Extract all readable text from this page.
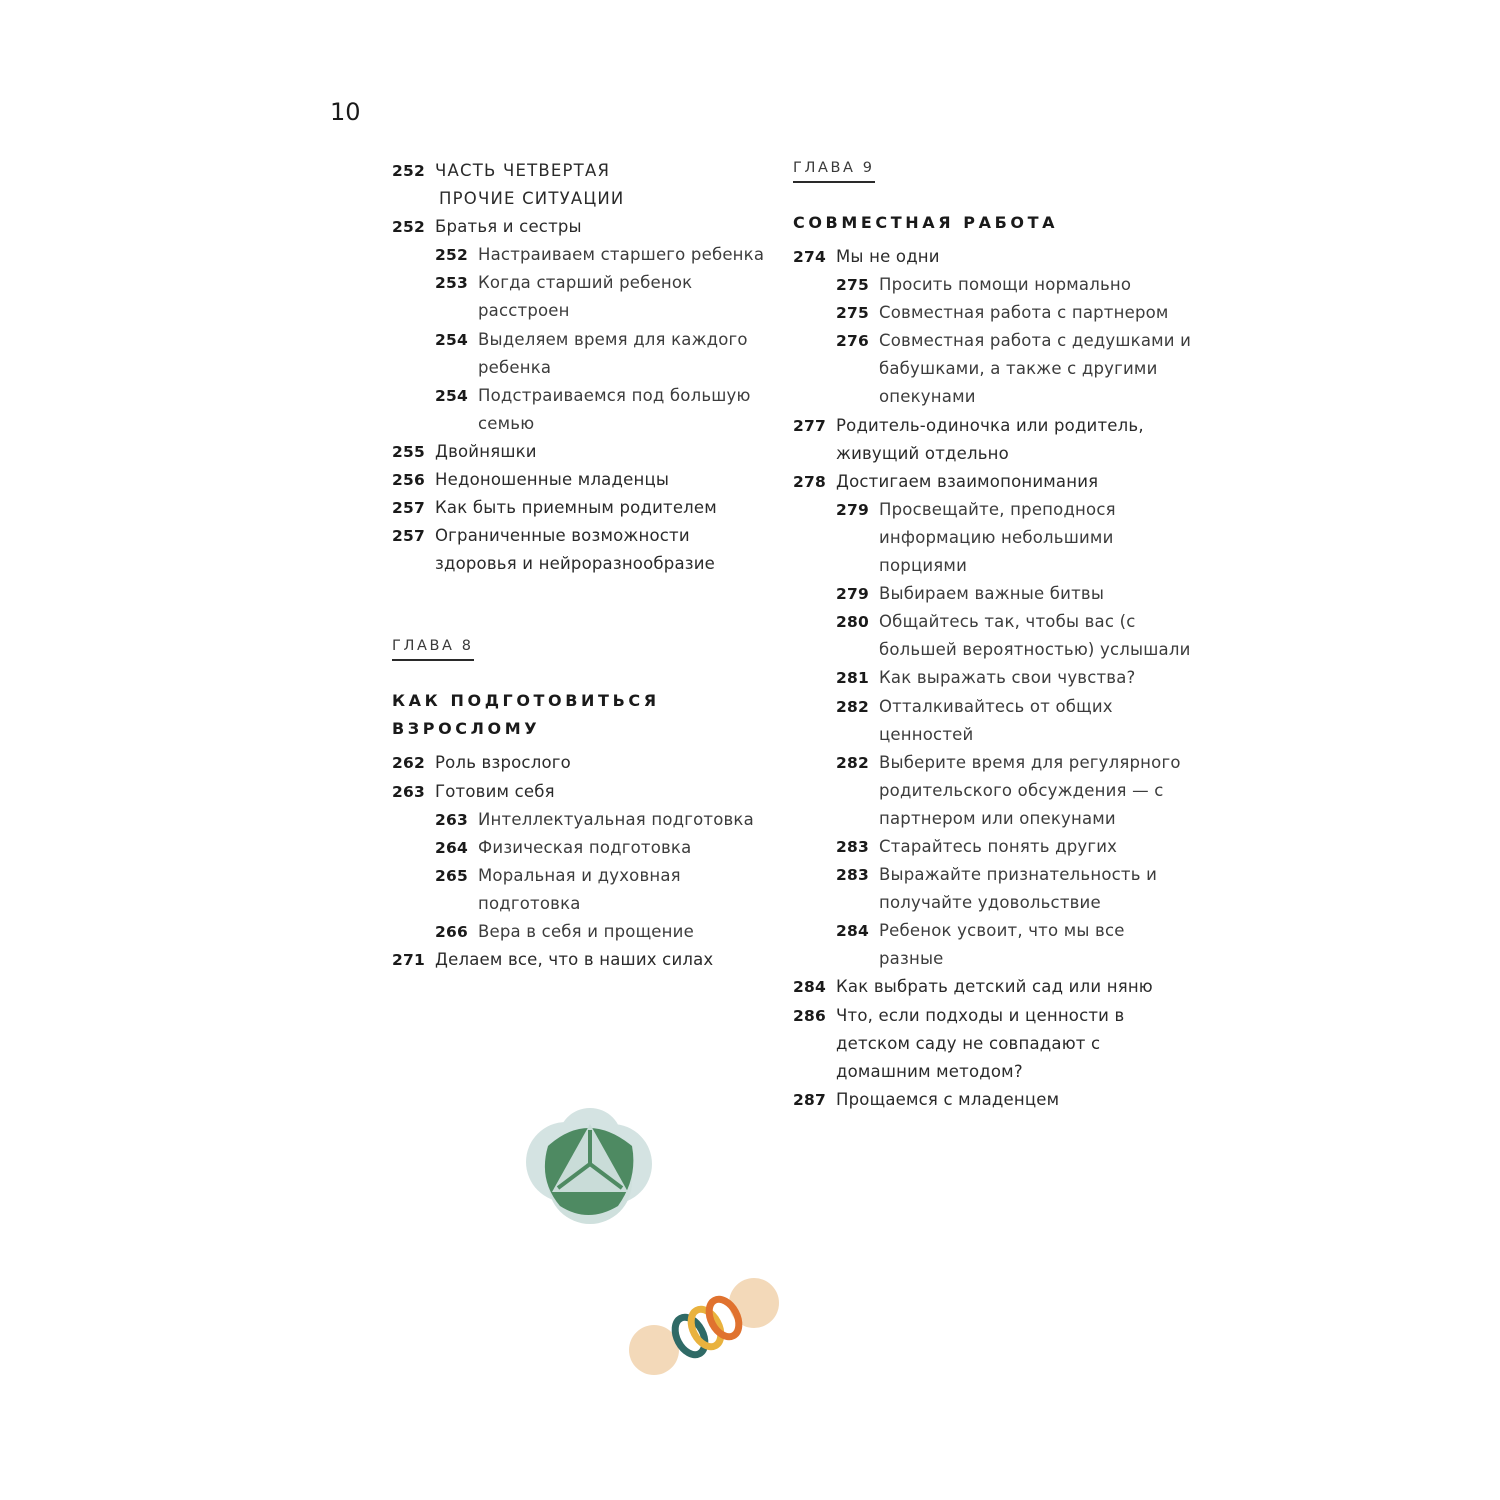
10
252 ЧАСТЬ ЧЕТВЕРТАЯ
ПРОЧИЕ СИТУАЦИИ
252 Братья и сестры
252 Настраиваем старшего ребенка
253 Когда старший ребенок расстроен
254 Выделяем время для каждого ребенка
254 Подстраиваемся под большую семью
255 Двойняшки
256 Недоношенные младенцы
257 Как быть приемным родителем
257 Ограниченные возможности здоровья и нейроразнообразие
ГЛАВА 8
КАК ПОДГОТОВИТЬСЯ
ВЗРОСЛОМУ
262 Роль взрослого
263 Готовим себя
263 Интеллектуальная подготовка
264 Физическая подготовка
265 Моральная и духовная подготовка
266 Вера в себя и прощение
271 Делаем все, что в наших силах
ГЛАВА 9
СОВМЕСТНАЯ РАБОТА
274 Мы не одни
275 Просить помощи нормально
275 Совместная работа с партнером
276 Совместная работа с дедушками и бабушками, а также с другими опекунами
277 Родитель-одиночка или родитель, живущий отдельно
278 Достигаем взаимопонимания
279 Просвещайте, преподнося информацию небольшими порциями
279 Выбираем важные битвы
280 Общайтесь так, чтобы вас (с большей вероятностью) услышали
281 Как выражать свои чувства?
282 Отталкивайтесь от общих ценностей
282 Выберите время для регулярного родительского обсуждения — с партнером или опекунами
283 Старайтесь понять других
283 Выражайте признательность и получайте удовольствие
284 Ребенок усвоит, что мы все разные
284 Как выбрать детский сад или няню
286 Что, если подходы и ценности в детском саду не совпадают с домашним методом?
287 Прощаемся с младенцем
